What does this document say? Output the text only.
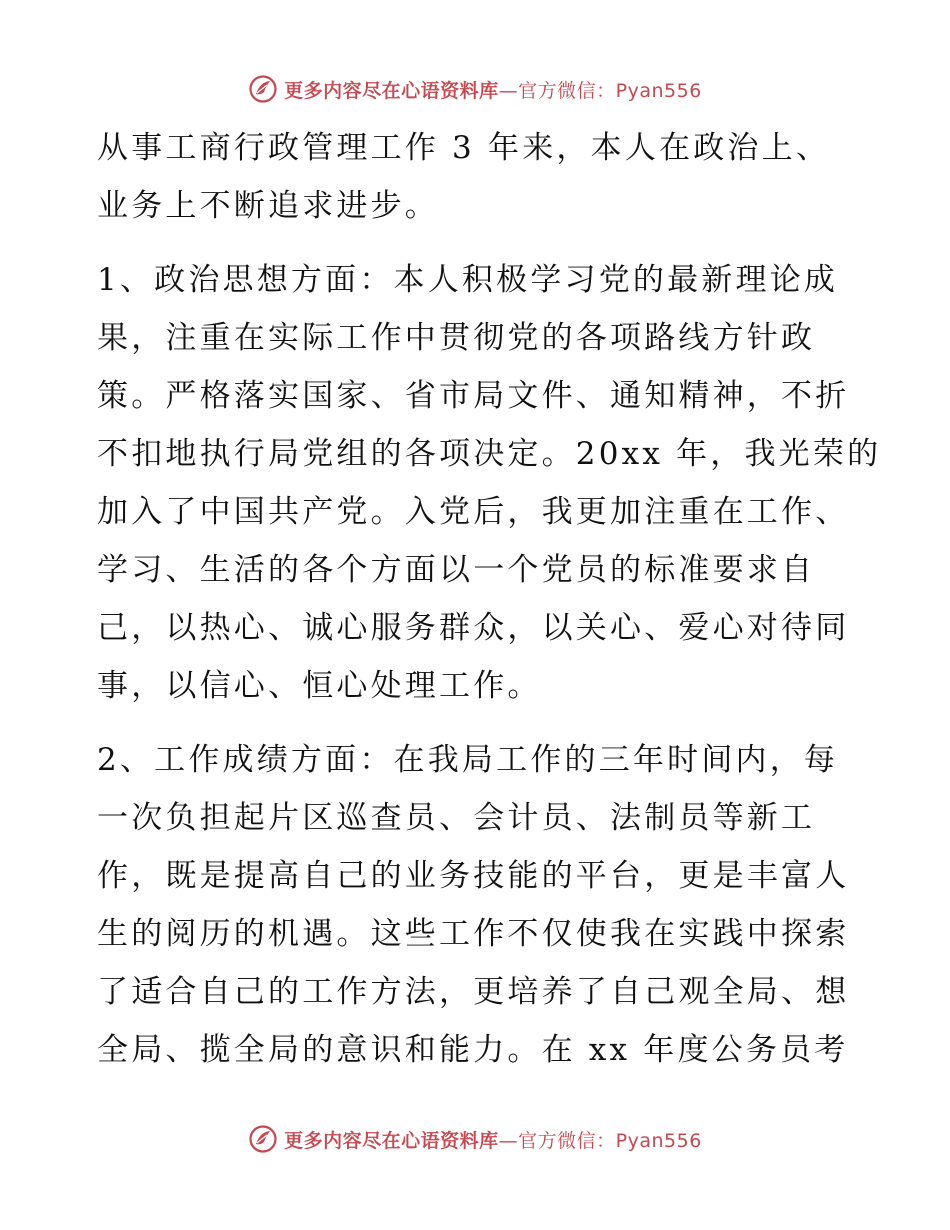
更多内容尽在心语资料库—官方微信：Pyan556
从事工商行政管理工作 3 年来，本人在政治上、
业务上不断追求进步。
1、政治思想方面：本人积极学习党的最新理论成
果，注重在实际工作中贯彻党的各项路线方针政
策。严格落实国家、省市局文件、通知精神，不折
不扣地执行局党组的各项决定。20xx 年，我光荣的
加入了中国共产党。入党后，我更加注重在工作、
学习、生活的各个方面以一个党员的标准要求自
己，以热心、诚心服务群众，以关心、爱心对待同
事，以信心、恒心处理工作。
2、工作成绩方面：在我局工作的三年时间内，每
一次负担起片区巡查员、会计员、法制员等新工
作，既是提高自己的业务技能的平台，更是丰富人
生的阅历的机遇。这些工作不仅使我在实践中探索
了适合自己的工作方法，更培养了自己观全局、想
全局、揽全局的意识和能力。在 xx 年度公务员考
更多内容尽在心语资料库—官方微信：Pyan556
